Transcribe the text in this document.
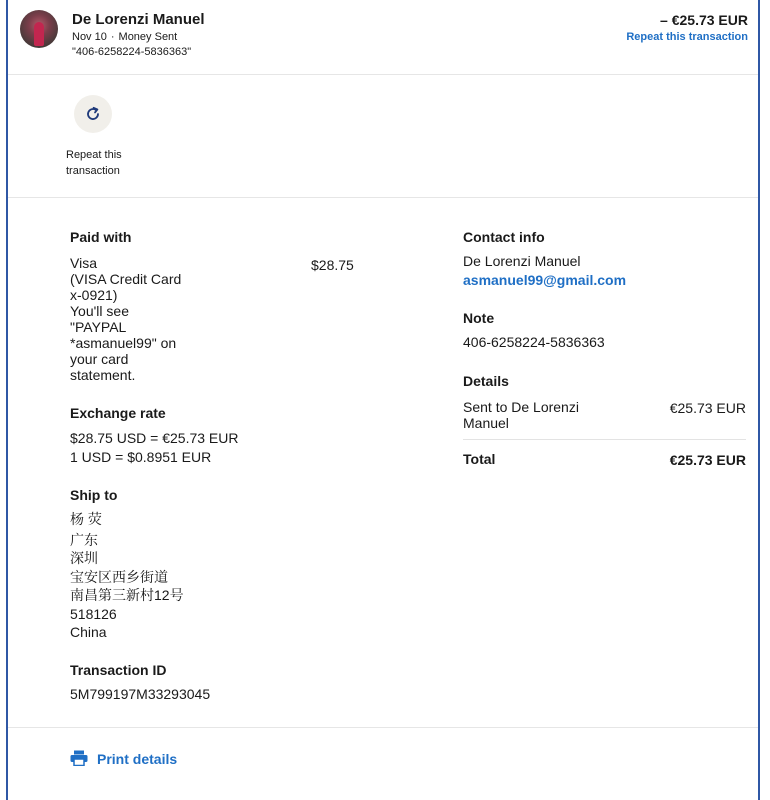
De Lorenzi Manuel
Nov 10 · Money Sent
"406-6258224-5836363"
– €25.73 EUR
Repeat this transaction
Repeat this
transaction
Paid with
Visa
(VISA Credit Card
x-0921)
You'll see
"PAYPAL
*asmanuel99" on
your card
statement.
$28.75
Exchange rate
$28.75 USD = €25.73 EUR
1 USD = $0.8951 EUR
Ship to
杨 荧
广东
深圳
宝安区西乡街道
南昌第三新村12号
518126
China
Transaction ID
5M799197M33293045
Contact info
De Lorenzi Manuel
asmanuel99@gmail.com
Note
406-6258224-5836363
Details
Sent to De Lorenzi
Manuel
€25.73 EUR
Total	€25.73 EUR
Print details
